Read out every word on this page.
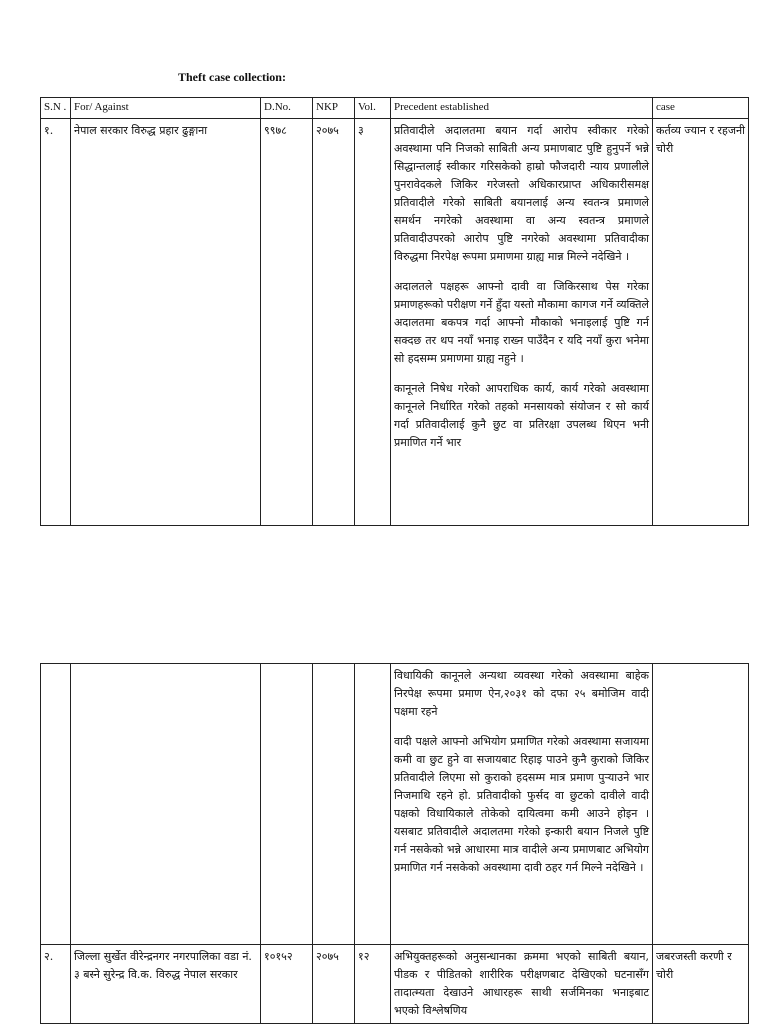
Theft case collection:
S.N .	For/ Against	D.No.	NKP	Vol.	Precedent established	case
१.	नेपाल सरकार विरुद्ध प्रहार ढुङ्गाना	९९७८	२०७५	३	प्रतिवादीले अदालतमा बयान गर्दा आरोप स्वीकार गरेको अवस्थामा पनि निजको साबिती अन्य प्रमाणबाट पुष्टि हुनुपर्ने भन्ने सिद्धान्तलाई स्वीकार गरिसकेको हाम्रो फौजदारी न्याय प्रणालीले पुनरावेदकले जिकिर गरेजस्तो अधिकारप्राप्त अधिकारीसमक्ष प्रतिवादीले गरेको साबिती बयानलाई अन्य स्वतन्त्र प्रमाणले समर्थन नगरेको अवस्थामा वा अन्य स्वतन्त्र प्रमाणले प्रतिवादीउपरको आरोप पुष्टि नगरेको अवस्थामा प्रतिवादीका विरुद्धमा निरपेक्ष रूपमा प्रमाणमा ग्राह्य मान्न मिल्ने नदेखिने ।

अदालतले पक्षहरू आफ्नो दावी वा जिकिरसाथ पेस गरेका प्रमाणहरूको परीक्षण गर्ने हुँदा यस्तो मौकामा कागज गर्ने व्यक्तिले अदालतमा बकपत्र गर्दा आफ्नो मौकाको भनाइलाई पुष्टि गर्न सक्दछ तर थप नयाँ भनाइ राख्न पाउँदैन र यदि नयाँ कुरा भनेमा सो हदसम्म प्रमाणमा ग्राह्य नहुने ।

कानूनले निषेध गरेको आपराधिक कार्य, कार्य गरेको अवस्थामा कानूनले निर्धारित गरेको तहको मनसायको संयोजन र सो कार्य गर्दा प्रतिवादीलाई कुनै छुट वा प्रतिरक्षा उपलब्ध थिएन भनी प्रमाणित गर्ने भार	कर्तव्य ज्यान र रहजनी चोरी

					विधायिकी कानूनले अन्यथा व्यवस्था गरेको अवस्थामा बाहेक निरपेक्ष रूपमा प्रमाण ऐन,२०३१ को दफा २५ बमोजिम वादी पक्षमा रहने

वादी पक्षले आफ्नो अभियोग प्रमाणित गरेको अवस्थामा सजायमा कमी वा छुट हुने वा सजायबाट रिहाइ पाउने कुनै कुराको जिकिर प्रतिवादीले लिएमा सो कुराको हदसम्म मात्र प्रमाण पुऱ्याउने भार निजमाथि रहने हो. प्रतिवादीको फुर्सद वा छुटको दावीले वादी पक्षको विधायिकाले तोकेको दायित्वमा कमी आउने होइन । यसबाट प्रतिवादीले अदालतमा गरेको इन्कारी बयान निजले पुष्टि गर्न नसकेको भन्ने आधारमा मात्र वादीले अन्य प्रमाणबाट अभियोग प्रमाणित गर्न नसकेको अवस्थामा दावी ठहर गर्न मिल्ने नदेखिने ।	

२.	जिल्ला सुर्खेत वीरेन्द्रनगर नगरपालिका वडा नं. ३ बस्ने सुरेन्द्र वि.क. विरुद्ध नेपाल सरकार	१०१५२	२०७५	१२	अभियुक्तहरूको अनुसन्धानका क्रममा भएको साबिती बयान, पीडक र पीडितको शारीरिक परीक्षणबाट देखिएको घटनासँग तादात्म्यता देखाउने आधारहरू साथी सर्जमिनका भनाइबाट भएको विश्लेषणिय	जबरजस्ती करणी र चोरी
